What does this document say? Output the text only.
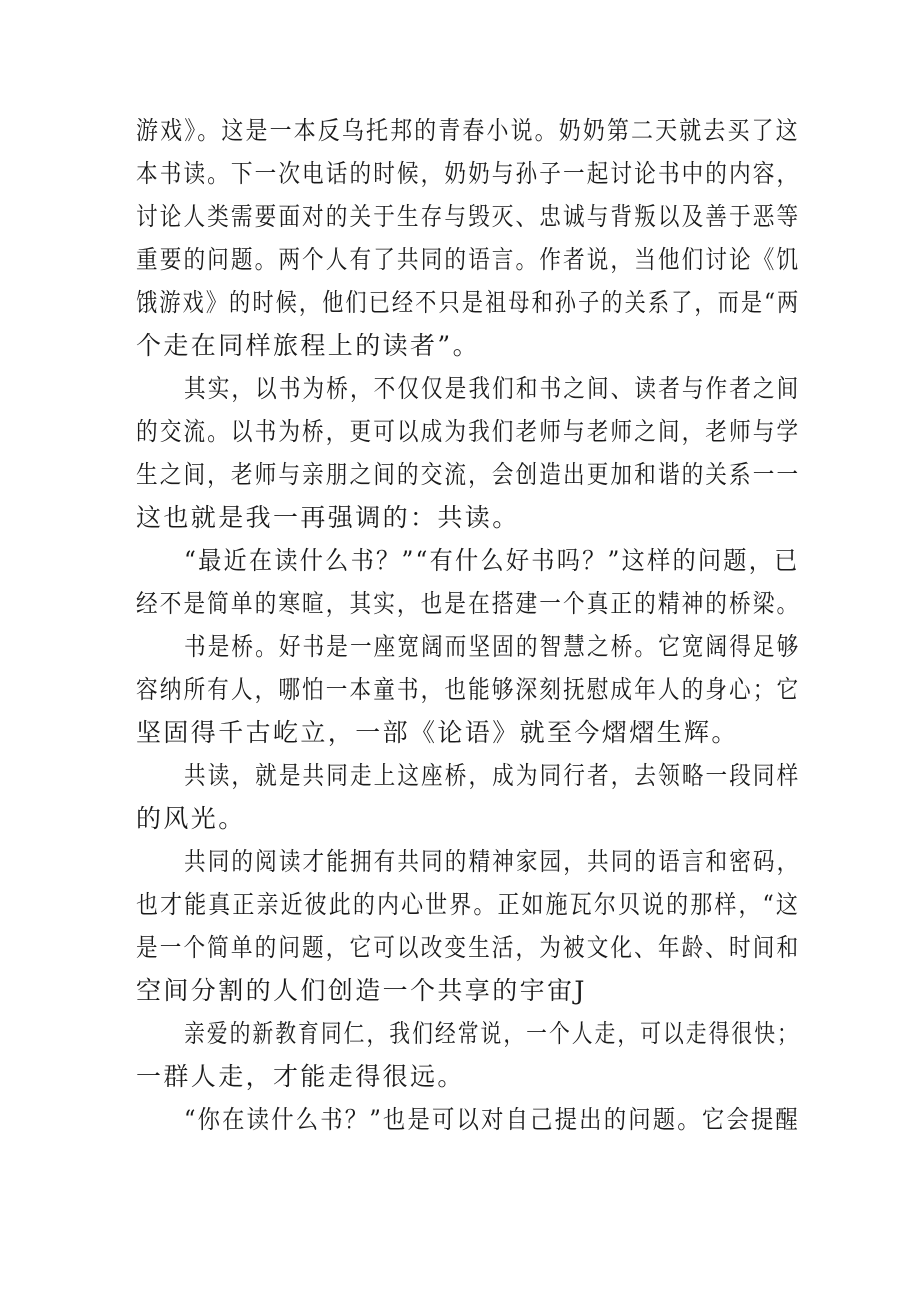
游戏》。这是一本反乌托邦的青春小说。奶奶第二天就去买了这
本书读。下一次电话的时候，奶奶与孙子一起讨论书中的内容，
讨论人类需要面对的关于生存与毁灭、忠诚与背叛以及善于恶等
重要的问题。两个人有了共同的语言。作者说，当他们讨论《饥
饿游戏》的时候，他们已经不只是祖母和孙子的关系了，而是“两
个走在同样旅程上的读者”。
其实，以书为桥，不仅仅是我们和书之间、读者与作者之间
的交流。以书为桥，更可以成为我们老师与老师之间，老师与学
生之间，老师与亲朋之间的交流，会创造出更加和谐的关系一一
这也就是我一再强调的：共读。
“最近在读什么书？”“有什么好书吗？”这样的问题，已
经不是简单的寒暄，其实，也是在搭建一个真正的精神的桥梁。
书是桥。好书是一座宽阔而坚固的智慧之桥。它宽阔得足够
容纳所有人，哪怕一本童书，也能够深刻抚慰成年人的身心；它
坚固得千古屹立，一部《论语》就至今熠熠生辉。
共读，就是共同走上这座桥，成为同行者，去领略一段同样
的风光。
共同的阅读才能拥有共同的精神家园，共同的语言和密码，
也才能真正亲近彼此的内心世界。正如施瓦尔贝说的那样，“这
是一个简单的问题，它可以改变生活，为被文化、年龄、时间和
空间分割的人们创造一个共享的宇宙J
亲爱的新教育同仁，我们经常说，一个人走，可以走得很快；
一群人走，才能走得很远。
“你在读什么书？”也是可以对自己提出的问题。它会提醒
